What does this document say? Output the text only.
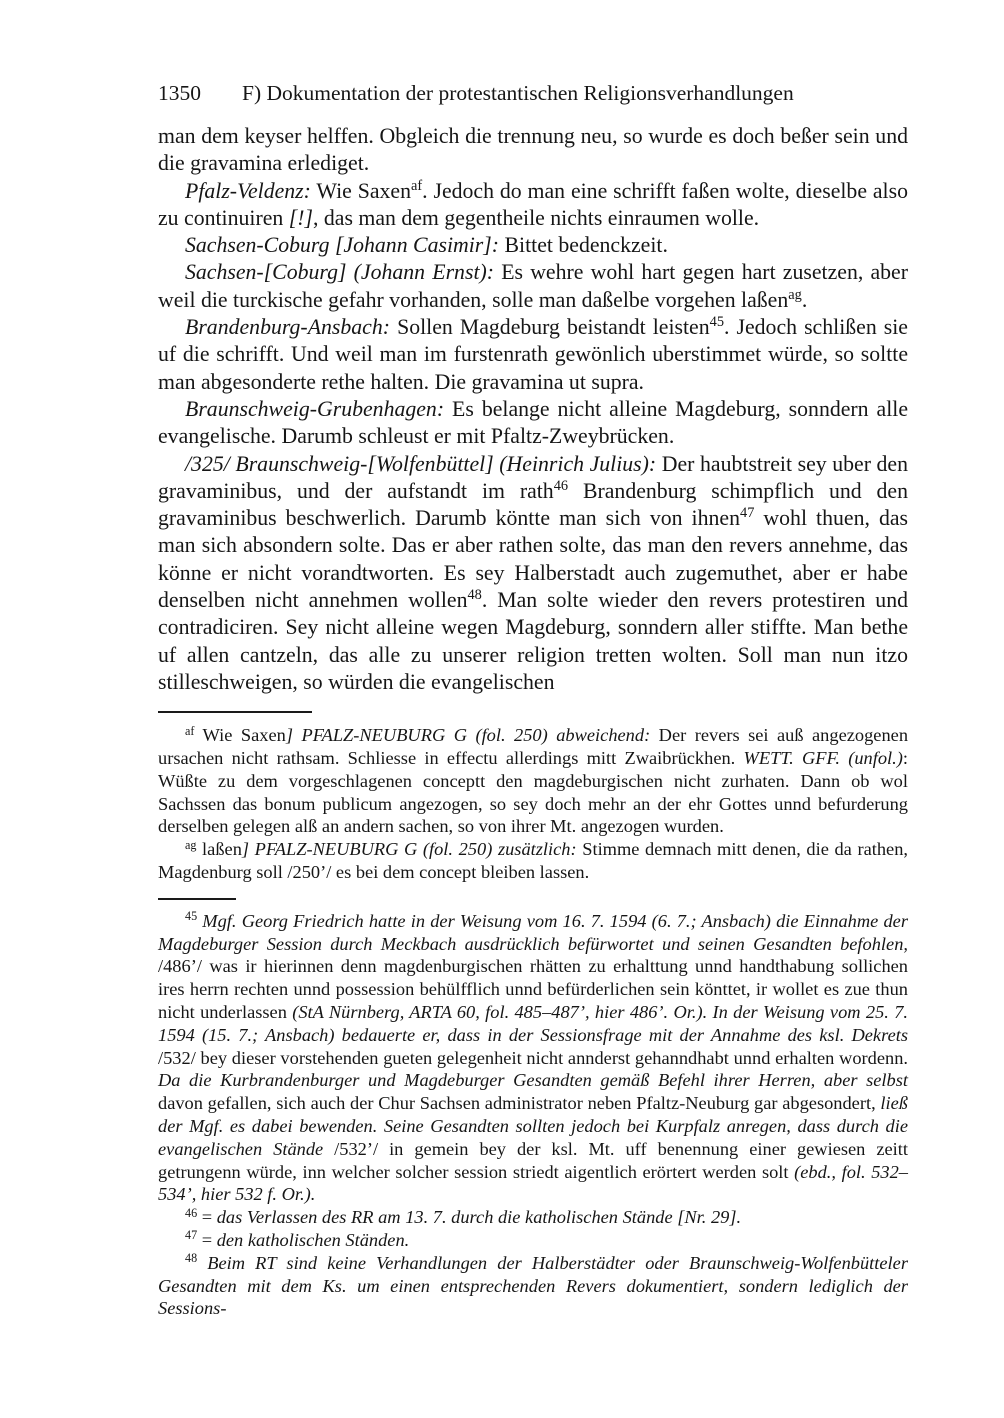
1350	F) Dokumentation der protestantischen Religionsverhandlungen

man dem keyser helffen. Obgleich die trennung neu, so wurde es doch beßer sein und die gravamina erlediget.

Pfalz-Veldenz: Wie Saxen$^{af}$. Jedoch do man eine schrifft faßen wolte, dieselbe also zu continuiren [!], das man dem gegentheile nichts einraumen wolle.

Sachsen-Coburg [Johann Casimir]: Bittet bedenckzeit.

Sachsen-[Coburg] (Johann Ernst): Es wehre wohl hart gegen hart zusetzen, aber weil die turckische gefahr vorhanden, solle man daßelbe vorgehen laßen$^{ag}$.

Brandenburg-Ansbach: Sollen Magdeburg beistandt leisten$^{45}$. Jedoch schlißen sie uf die schrifft. Und weil man im furstenrath gewönlich uberstimmet würde, so soltte man abgesonderte rethe halten. Die gravamina ut supra.

Braunschweig-Grubenhagen: Es belange nicht alleine Magdeburg, sonndern alle evangelische. Darumb schleust er mit Pfaltz-Zweybrücken.

/325/ Braunschweig-[Wolfenbüttel] (Heinrich Julius): Der haubtstreit sey uber den gravaminibus, und der aufstandt im rath$^{46}$ Brandenburg schimpflich und den gravaminibus beschwerlich. Darumb köntte man sich von ihnen$^{47}$ wohl thuen, das man sich absondern solte. Das er aber rathen solte, das man den revers annehme, das könne er nicht vorandtworten. Es sey Halberstadt auch zugemuthet, aber er habe denselben nicht annehmen wollen$^{48}$. Man solte wieder den revers protestiren und contradiciren. Sey nicht alleine wegen Magdeburg, sonndern aller stiffte. Man bethe uf allen cantzeln, das alle zu unserer religion tretten wolten. Soll man nun itzo stilleschweigen, so würden die evangelischen

$^{af}$ Wie Saxen] PFALZ-NEUBURG G (fol. 250) abweichend: Der revers sei auß angezogenen ursachen nicht rathsam. Schliesse in effectu allerdings mitt Zwaibrückhen. WETT. GFF. (unfol.): Wüßte zu dem vorgeschlagenen conceptt den magdeburgischen nicht zurhaten. Dann ob wol Sachssen das bonum publicum angezogen, so sey doch mehr an der ehr Gottes unnd befurderung derselben gelegen alß an andern sachen, so von ihrer Mt. angezogen wurden.

$^{ag}$ laßen] PFALZ-NEUBURG G (fol. 250) zusätzlich: Stimme demnach mitt denen, die da rathen, Magdenburg soll /250’/ es bei dem concept bleiben lassen.

$^{45}$ Mgf. Georg Friedrich hatte in der Weisung vom 16. 7. 1594 (6. 7.; Ansbach) die Einnahme der Magdeburger Session durch Meckbach ausdrücklich befürwortet und seinen Gesandten befohlen, /486’/ was ir hierinnen denn magdenburgischen rhätten zu erhalttung unnd handthabung sollichen ires herrn rechten unnd possession behülfflich unnd befürderlichen sein könttet, ir wollet es zue thun nicht underlassen (StA Nürnberg, ARTA 60, fol. 485–487’, hier 486’. Or.). In der Weisung vom 25. 7. 1594 (15. 7.; Ansbach) bedauerte er, dass in der Sessionsfrage mit der Annahme des ksl. Dekrets /532/ bey dieser vorstehenden gueten gelegenheit nicht annderst gehanndhabt unnd erhalten wordenn. Da die Kurbrandenburger und Magdeburger Gesandten gemäß Befehl ihrer Herren, aber selbst davon gefallen, sich auch der Chur Sachsen administrator neben Pfaltz-Neuburg gar abgesondert, ließ der Mgf. es dabei bewenden. Seine Gesandten sollten jedoch bei Kurpfalz anregen, dass durch die evangelischen Stände /532’/ in gemein bey der ksl. Mt. uff benennung einer gewiesen zeitt getrungenn würde, inn welcher solcher session striedt aigentlich erörtert werden solt (ebd., fol. 532–534’, hier 532 f. Or.).

$^{46}$ = das Verlassen des RR am 13. 7. durch die katholischen Stände [Nr. 29].

$^{47}$ = den katholischen Ständen.

$^{48}$ Beim RT sind keine Verhandlungen der Halberstädter oder Braunschweig-Wolfenbütteler Gesandten mit dem Ks. um einen entsprechenden Revers dokumentiert, sondern lediglich der Sessions-
